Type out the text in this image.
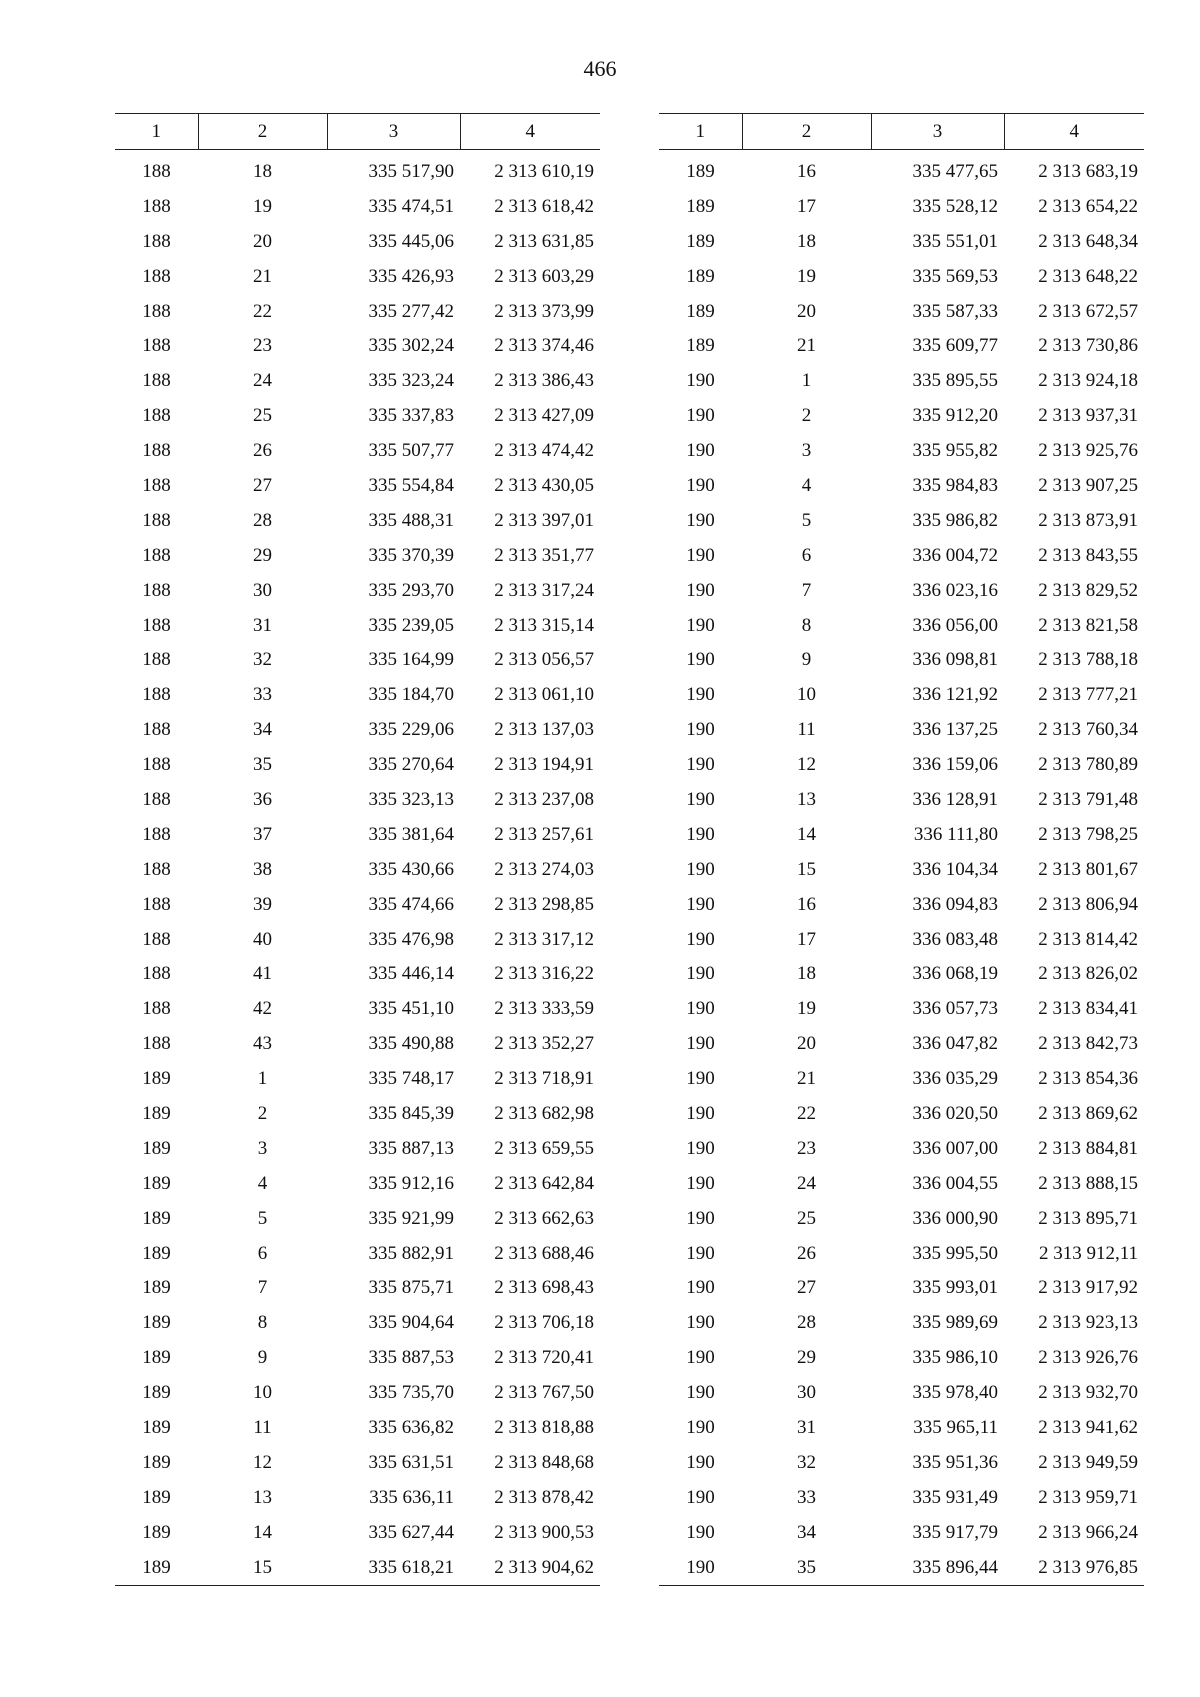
466
1	2	3	4
188	18	335 517,90	2 313 610,19
188	19	335 474,51	2 313 618,42
188	20	335 445,06	2 313 631,85
188	21	335 426,93	2 313 603,29
188	22	335 277,42	2 313 373,99
188	23	335 302,24	2 313 374,46
188	24	335 323,24	2 313 386,43
188	25	335 337,83	2 313 427,09
188	26	335 507,77	2 313 474,42
188	27	335 554,84	2 313 430,05
188	28	335 488,31	2 313 397,01
188	29	335 370,39	2 313 351,77
188	30	335 293,70	2 313 317,24
188	31	335 239,05	2 313 315,14
188	32	335 164,99	2 313 056,57
188	33	335 184,70	2 313 061,10
188	34	335 229,06	2 313 137,03
188	35	335 270,64	2 313 194,91
188	36	335 323,13	2 313 237,08
188	37	335 381,64	2 313 257,61
188	38	335 430,66	2 313 274,03
188	39	335 474,66	2 313 298,85
188	40	335 476,98	2 313 317,12
188	41	335 446,14	2 313 316,22
188	42	335 451,10	2 313 333,59
188	43	335 490,88	2 313 352,27
189	1	335 748,17	2 313 718,91
189	2	335 845,39	2 313 682,98
189	3	335 887,13	2 313 659,55
189	4	335 912,16	2 313 642,84
189	5	335 921,99	2 313 662,63
189	6	335 882,91	2 313 688,46
189	7	335 875,71	2 313 698,43
189	8	335 904,64	2 313 706,18
189	9	335 887,53	2 313 720,41
189	10	335 735,70	2 313 767,50
189	11	335 636,82	2 313 818,88
189	12	335 631,51	2 313 848,68
189	13	335 636,11	2 313 878,42
189	14	335 627,44	2 313 900,53
189	15	335 618,21	2 313 904,62
1	2	3	4
189	16	335 477,65	2 313 683,19
189	17	335 528,12	2 313 654,22
189	18	335 551,01	2 313 648,34
189	19	335 569,53	2 313 648,22
189	20	335 587,33	2 313 672,57
189	21	335 609,77	2 313 730,86
190	1	335 895,55	2 313 924,18
190	2	335 912,20	2 313 937,31
190	3	335 955,82	2 313 925,76
190	4	335 984,83	2 313 907,25
190	5	335 986,82	2 313 873,91
190	6	336 004,72	2 313 843,55
190	7	336 023,16	2 313 829,52
190	8	336 056,00	2 313 821,58
190	9	336 098,81	2 313 788,18
190	10	336 121,92	2 313 777,21
190	11	336 137,25	2 313 760,34
190	12	336 159,06	2 313 780,89
190	13	336 128,91	2 313 791,48
190	14	336 111,80	2 313 798,25
190	15	336 104,34	2 313 801,67
190	16	336 094,83	2 313 806,94
190	17	336 083,48	2 313 814,42
190	18	336 068,19	2 313 826,02
190	19	336 057,73	2 313 834,41
190	20	336 047,82	2 313 842,73
190	21	336 035,29	2 313 854,36
190	22	336 020,50	2 313 869,62
190	23	336 007,00	2 313 884,81
190	24	336 004,55	2 313 888,15
190	25	336 000,90	2 313 895,71
190	26	335 995,50	2 313 912,11
190	27	335 993,01	2 313 917,92
190	28	335 989,69	2 313 923,13
190	29	335 986,10	2 313 926,76
190	30	335 978,40	2 313 932,70
190	31	335 965,11	2 313 941,62
190	32	335 951,36	2 313 949,59
190	33	335 931,49	2 313 959,71
190	34	335 917,79	2 313 966,24
190	35	335 896,44	2 313 976,85
